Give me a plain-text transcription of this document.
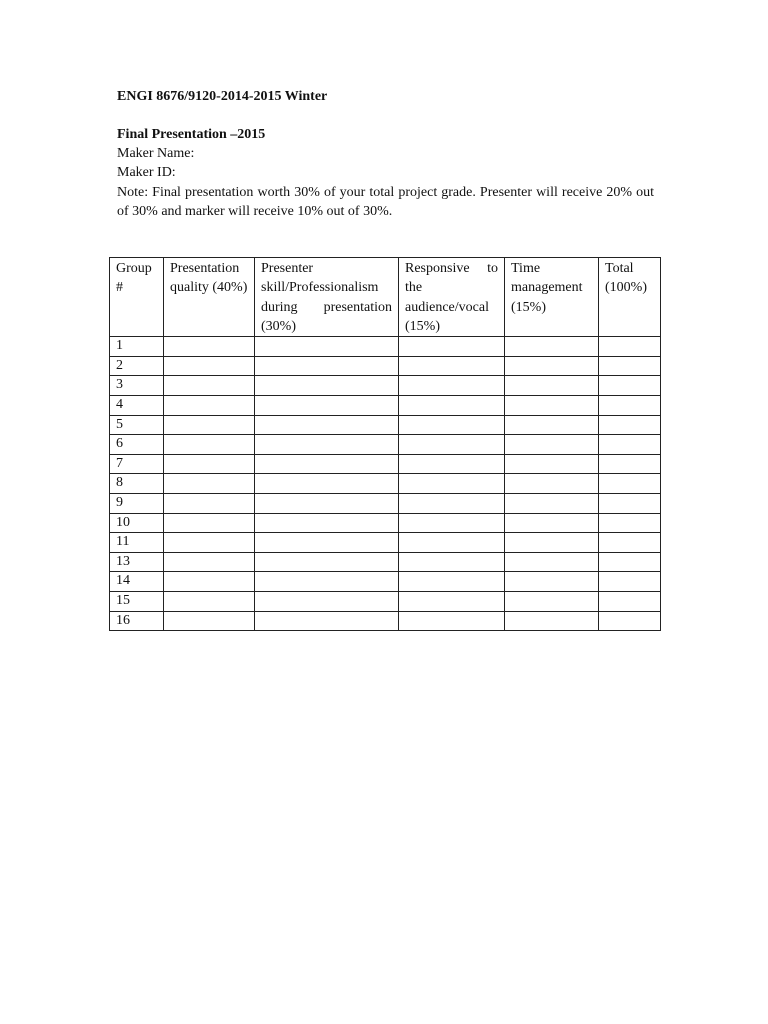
ENGI 8676/9120-2014-2015 Winter
Final Presentation –2015
Maker Name:
Maker ID:
Note: Final presentation worth 30% of your total project grade. Presenter will receive 20% out of 30% and marker will receive 10% out of 30%.
Group #	Presentation quality (40%)	Presenter skill/Professionalism during presentation (30%)	Responsive to the audience/vocal (15%)	Time management (15%)	Total (100%)
1					
2					
3					
4					
5					
6					
7					
8					
9					
10					
11					
13					
14					
15					
16					
